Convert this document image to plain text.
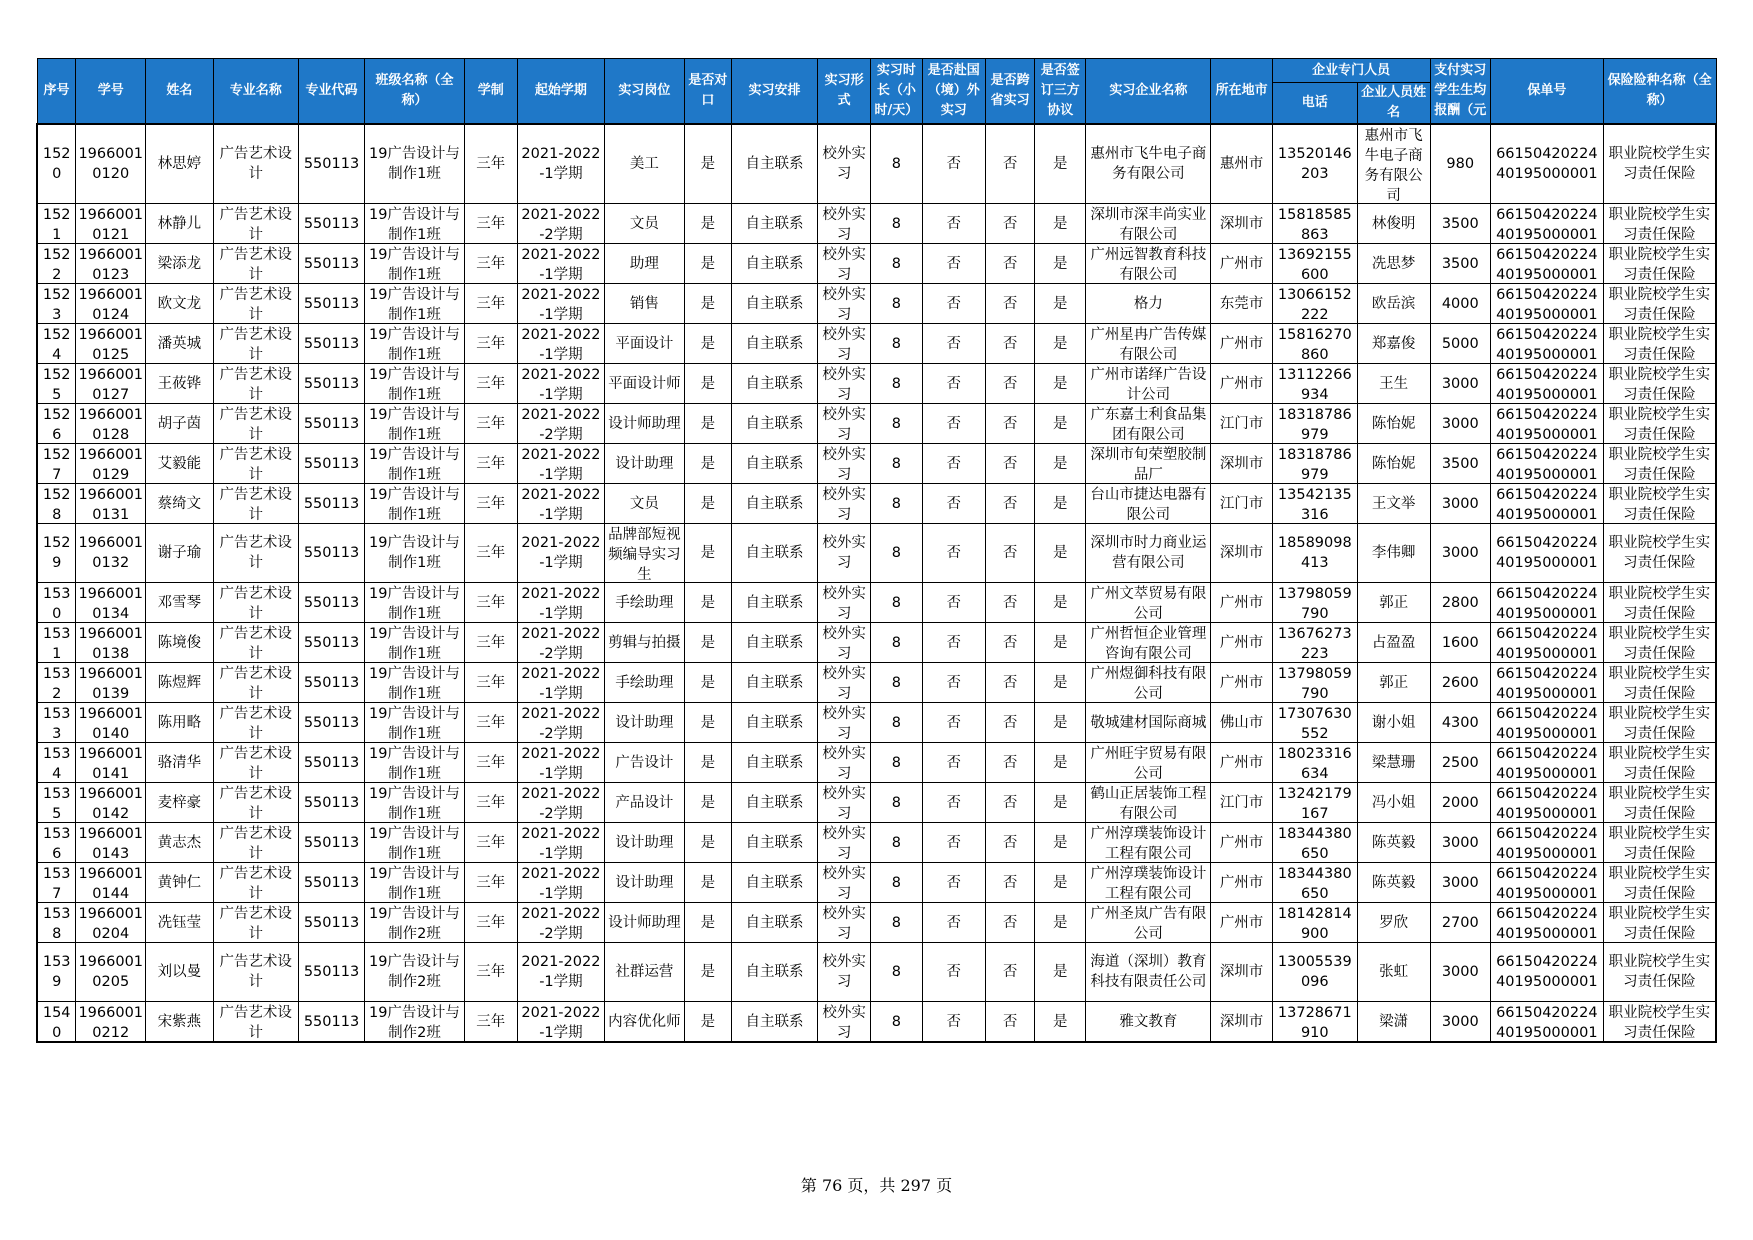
序号	学号	姓名	专业名称	专业代码	班级名称（全称）	学制	起始学期	实习岗位	是否对口	实习安排	实习形式	实习时长（小时/天）	是否赴国（境）外实习	是否跨省实习	是否签订三方协议	实习企业名称	所在地市	企业专门人员		支付实习学生生均报酬（元	保单号	保险险种名称（全称）
																		电话	企业人员姓名			

1520	19660010120	林思婷	广告艺术设计	550113	19广告设计与制作1班	三年	2021-2022-1学期	美工	是	自主联系	校外实习	8	否	否	是	惠州市飞牛电子商务有限公司	惠州市	13520146203	惠州市飞牛电子商务有限公司	980	6615042022440195000001	职业院校学生实习责任保险

1521	19660010121	林静儿	广告艺术设计	550113	19广告设计与制作1班	三年	2021-2022-2学期	文员	是	自主联系	校外实习	8	否	否	是	深圳市深丰尚实业有限公司	深圳市	15818585863	林俊明	3500	6615042022440195000001	职业院校学生实习责任保险

1522	19660010123	梁添龙	广告艺术设计	550113	19广告设计与制作1班	三年	2021-2022-1学期	助理	是	自主联系	校外实习	8	否	否	是	广州远智教育科技有限公司	广州市	13692155600	冼思梦	3500	6615042022440195000001	职业院校学生实习责任保险

1523	19660010124	欧文龙	广告艺术设计	550113	19广告设计与制作1班	三年	2021-2022-1学期	销售	是	自主联系	校外实习	8	否	否	是	格力	东莞市	13066152222	欧岳滨	4000	6615042022440195000001	职业院校学生实习责任保险

1524	19660010125	潘英城	广告艺术设计	550113	19广告设计与制作1班	三年	2021-2022-1学期	平面设计	是	自主联系	校外实习	8	否	否	是	广州星冉广告传媒有限公司	广州市	15816270860	郑嘉俊	5000	6615042022440195000001	职业院校学生实习责任保险

1525	19660010127	王莜铧	广告艺术设计	550113	19广告设计与制作1班	三年	2021-2022-1学期	平面设计师	是	自主联系	校外实习	8	否	否	是	广州市诺绎广告设计公司	广州市	13112266934	王生	3000	6615042022440195000001	职业院校学生实习责任保险

1526	19660010128	胡子茵	广告艺术设计	550113	19广告设计与制作1班	三年	2021-2022-2学期	设计师助理	是	自主联系	校外实习	8	否	否	是	广东嘉士利食品集团有限公司	江门市	18318786979	陈怡妮	3000	6615042022440195000001	职业院校学生实习责任保险

1527	19660010129	艾毅能	广告艺术设计	550113	19广告设计与制作1班	三年	2021-2022-1学期	设计助理	是	自主联系	校外实习	8	否	否	是	深圳市旬荣塑胶制品厂	深圳市	18318786979	陈怡妮	3500	6615042022440195000001	职业院校学生实习责任保险

1528	19660010131	蔡绮文	广告艺术设计	550113	19广告设计与制作1班	三年	2021-2022-1学期	文员	是	自主联系	校外实习	8	否	否	是	台山市捷达电器有限公司	江门市	13542135316	王文举	3000	6615042022440195000001	职业院校学生实习责任保险

1529	19660010132	谢子瑜	广告艺术设计	550113	19广告设计与制作1班	三年	2021-2022-1学期	品牌部短视频编导实习生	是	自主联系	校外实习	8	否	否	是	深圳市时力商业运营有限公司	深圳市	18589098413	李伟卿	3000	6615042022440195000001	职业院校学生实习责任保险

1530	19660010134	邓雪琴	广告艺术设计	550113	19广告设计与制作1班	三年	2021-2022-1学期	手绘助理	是	自主联系	校外实习	8	否	否	是	广州文萃贸易有限公司	广州市	13798059790	郭正	2800	6615042022440195000001	职业院校学生实习责任保险

1531	19660010138	陈境俊	广告艺术设计	550113	19广告设计与制作1班	三年	2021-2022-2学期	剪辑与拍摄	是	自主联系	校外实习	8	否	否	是	广州哲恒企业管理咨询有限公司	广州市	13676273223	占盈盈	1600	6615042022440195000001	职业院校学生实习责任保险

1532	19660010139	陈煜辉	广告艺术设计	550113	19广告设计与制作1班	三年	2021-2022-1学期	手绘助理	是	自主联系	校外实习	8	否	否	是	广州煜御科技有限公司	广州市	13798059790	郭正	2600	6615042022440195000001	职业院校学生实习责任保险

1533	19660010140	陈用略	广告艺术设计	550113	19广告设计与制作1班	三年	2021-2022-2学期	设计助理	是	自主联系	校外实习	8	否	否	是	敬城建材国际商城	佛山市	17307630552	谢小姐	4300	6615042022440195000001	职业院校学生实习责任保险

1534	19660010141	骆清华	广告艺术设计	550113	19广告设计与制作1班	三年	2021-2022-1学期	广告设计	是	自主联系	校外实习	8	否	否	是	广州旺宇贸易有限公司	广州市	18023316634	梁慧珊	2500	6615042022440195000001	职业院校学生实习责任保险

1535	19660010142	麦梓豪	广告艺术设计	550113	19广告设计与制作1班	三年	2021-2022-2学期	产品设计	是	自主联系	校外实习	8	否	否	是	鹤山正居装饰工程有限公司	江门市	13242179167	冯小姐	2000	6615042022440195000001	职业院校学生实习责任保险

1536	19660010143	黄志杰	广告艺术设计	550113	19广告设计与制作1班	三年	2021-2022-1学期	设计助理	是	自主联系	校外实习	8	否	否	是	广州淳璞装饰设计工程有限公司	广州市	18344380650	陈英毅	3000	6615042022440195000001	职业院校学生实习责任保险

1537	19660010144	黄钟仁	广告艺术设计	550113	19广告设计与制作1班	三年	2021-2022-1学期	设计助理	是	自主联系	校外实习	8	否	否	是	广州淳璞装饰设计工程有限公司	广州市	18344380650	陈英毅	3000	6615042022440195000001	职业院校学生实习责任保险

1538	19660010204	冼钰莹	广告艺术设计	550113	19广告设计与制作2班	三年	2021-2022-2学期	设计师助理	是	自主联系	校外实习	8	否	否	是	广州圣岚广告有限公司	广州市	18142814900	罗欣	2700	6615042022440195000001	职业院校学生实习责任保险

1539	19660010205	刘以曼	广告艺术设计	550113	19广告设计与制作2班	三年	2021-2022-1学期	社群运营	是	自主联系	校外实习	8	否	否	是	海道（深圳）教育科技有限责任公司	深圳市	13005539096	张虹	3000	6615042022440195000001	职业院校学生实习责任保险

1540	19660010212	宋紫燕	广告艺术设计	550113	19广告设计与制作2班	三年	2021-2022-1学期	内容优化师	是	自主联系	校外实习	8	否	否	是	雅文教育	深圳市	13728671910	梁潇	3000	6615042022440195000001	职业院校学生实习责任保险
第 76 页，共 297 页
